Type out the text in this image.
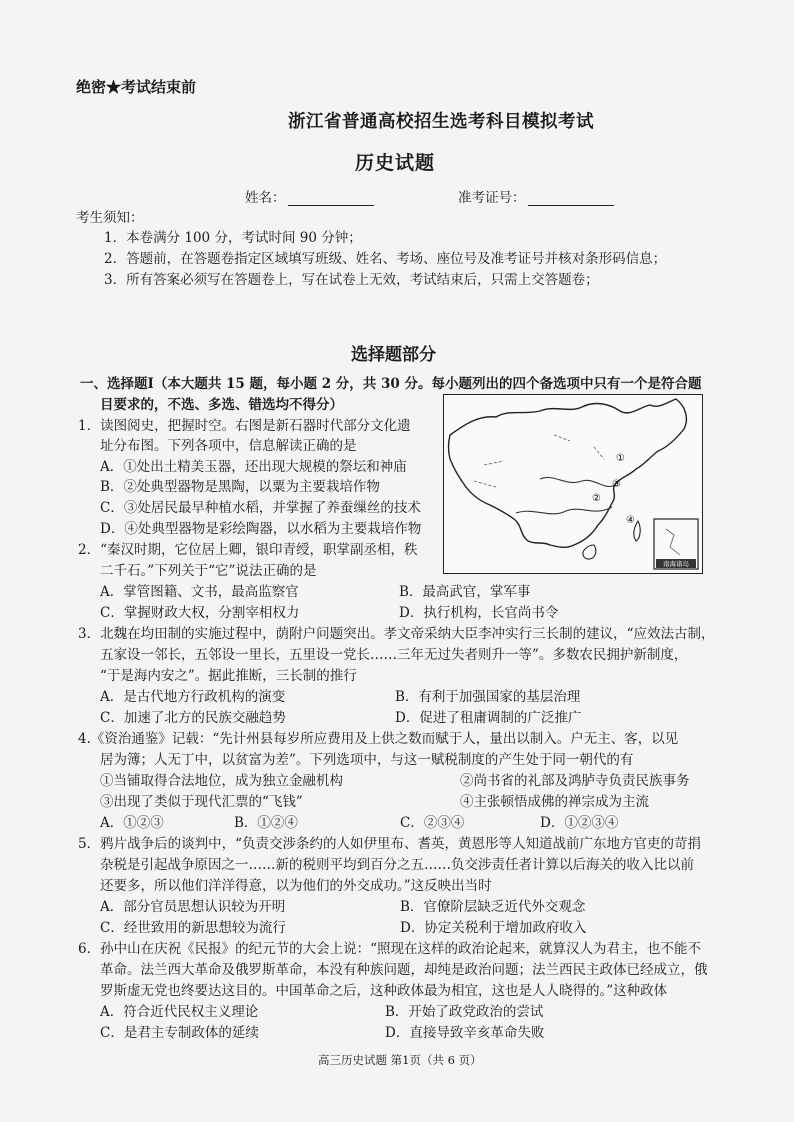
绝密★考试结束前
浙江省普通高校招生选考科目模拟考试
历史试题
姓名：	准考证号：
考生须知：
1．本卷满分 100 分，考试时间 90 分钟；
2．答题前，在答题卷指定区域填写班级、姓名、考场、座位号及准考证号并核对条形码信息；
3．所有答案必须写在答题卷上，写在试卷上无效，考试结束后，只需上交答题卷；
选择题部分
一、选择题Ⅰ（本大题共 15 题，每小题 2 分，共 30 分。每小题列出的四个备选项中只有一个是符合题
目要求的，不选、多选、错选均不得分）
1．读图阅史，把握时空。右图是新石器时代部分文化遗
址分布图。下列各项中，信息解读正确的是
A．①处出土精美玉器，还出现大规模的祭坛和神庙
B．②处典型器物是黑陶，以粟为主要栽培作物
C．③处居民最早种植水稻，并掌握了养蚕缫丝的技术
D．④处典型器物是彩绘陶器，以水稻为主要栽培作物
南海诸岛
①
②
③
④
2．“秦汉时期，它位居上卿，银印青绶，职掌副丞相，秩
二千石。”下列关于“它”说法正确的是
A．掌管图籍、文书，最高监察官	B．最高武官，掌军事
C．掌握财政大权，分割宰相权力	D．执行机构，长官尚书令
3．北魏在均田制的实施过程中，荫附户问题突出。孝文帝采纳大臣李冲实行三长制的建议，“应效法古制，
五家设一邻长，五邻设一里长，五里设一党长……三年无过失者则升一等”。多数农民拥护新制度，
“于是海内安之”。据此推断，三长制的推行
A．是古代地方行政机构的演变	B．有利于加强国家的基层治理
C．加速了北方的民族交融趋势	D．促进了租庸调制的广泛推广
4.《资治通鉴》记载：“先计州县每岁所应费用及上供之数而赋于人，量出以制入。户无主、客，以见
居为簿；人无丁中，以贫富为差”。下列选项中，与这一赋税制度的产生处于同一朝代的有
①当铺取得合法地位，成为独立金融机构	②尚书省的礼部及鸿胪寺负责民族事务
③出现了类似于现代汇票的“飞钱”	④主张顿悟成佛的禅宗成为主流
A．①②③	B．①②④	C．②③④	D．①②③④
5．鸦片战争后的谈判中，“负责交涉条约的人如伊里布、耆英，黄恩彤等人知道战前广东地方官吏的苛捐
杂税是引起战争原因之一……新的税则平均到百分之五……负交涉责任者计算以后海关的收入比以前
还要多，所以他们洋洋得意，以为他们的外交成功。”这反映出当时
A．部分官员思想认识较为开明	B．官僚阶层缺乏近代外交观念
C．经世致用的新思想较为流行	D．协定关税利于增加政府收入
6．孙中山在庆祝《民报》的纪元节的大会上说：“照现在这样的政治论起来，就算汉人为君主，也不能不
革命。法兰西大革命及俄罗斯革命，本没有种族问题，却纯是政治问题；法兰西民主政体已经成立，俄
罗斯虚无党也终要达这目的。中国革命之后，这种政体最为相宜，这也是人人晓得的。”这种政体
A．符合近代民权主义理论	B．开始了政党政治的尝试
C．是君主专制政体的延续	D．直接导致辛亥革命失败
高三历史试题 第1页（共 6 页）
